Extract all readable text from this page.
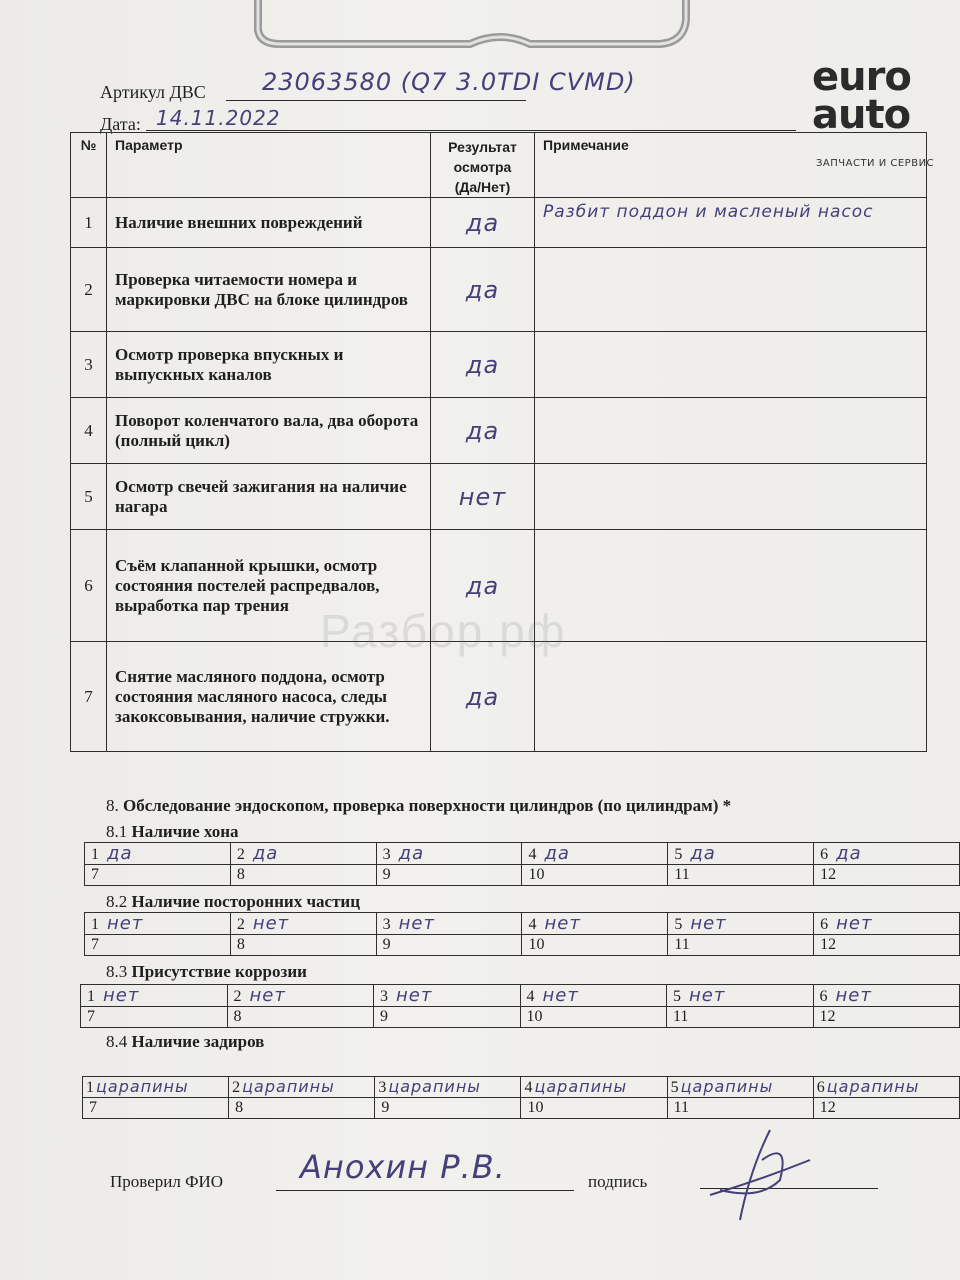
Артикул ДВС 23063580 (Q7 3.0TDI CVMD)
Дата: 14.11.2022
euro
auto
ЗАПЧАСТИ И СЕРВИС
№	Параметр	Результат осмотра (Да/Нет)	Примечание
1	Наличие внешних повреждений	да	Разбит поддон и масленый насос
2	Проверка читаемости номера и маркировки ДВС на блоке цилиндров	да	
3	Осмотр проверка впускных и выпускных каналов	да	
4	Поворот коленчатого вала, два оборота (полный цикл)	да	
5	Осмотр свечей зажигания на наличие нагара	нет	
6	Съём клапанной крышки, осмотр состояния постелей распредвалов, выработка пар трения	да	
7	Снятие масляного поддона, осмотр состояния масляного насоса, следы закоксовывания, наличие стружки.	да	
Разбор.рф
8. Обследование эндоскопом, проверка поверхности цилиндров (по цилиндрам) *
8.1 Наличие хона
1 да	2 да	3 да	4 да	5 да	6 да
7	8	9	10	11	12
8.2 Наличие посторонних частиц
1 нет	2 нет	3 нет	4 нет	5 нет	6 нет
7	8	9	10	11	12
8.3 Присутствие коррозии
1 нет	2 нет	3 нет	4 нет	5 нет	6 нет
7	8	9	10	11	12
8.4 Наличие задиров
1 царапины	2 царапины	3 царапины	4 царапины	5 царапины	6 царапины
7	8	9	10	11	12
Проверил ФИО Анохин Р.В.	подпись
